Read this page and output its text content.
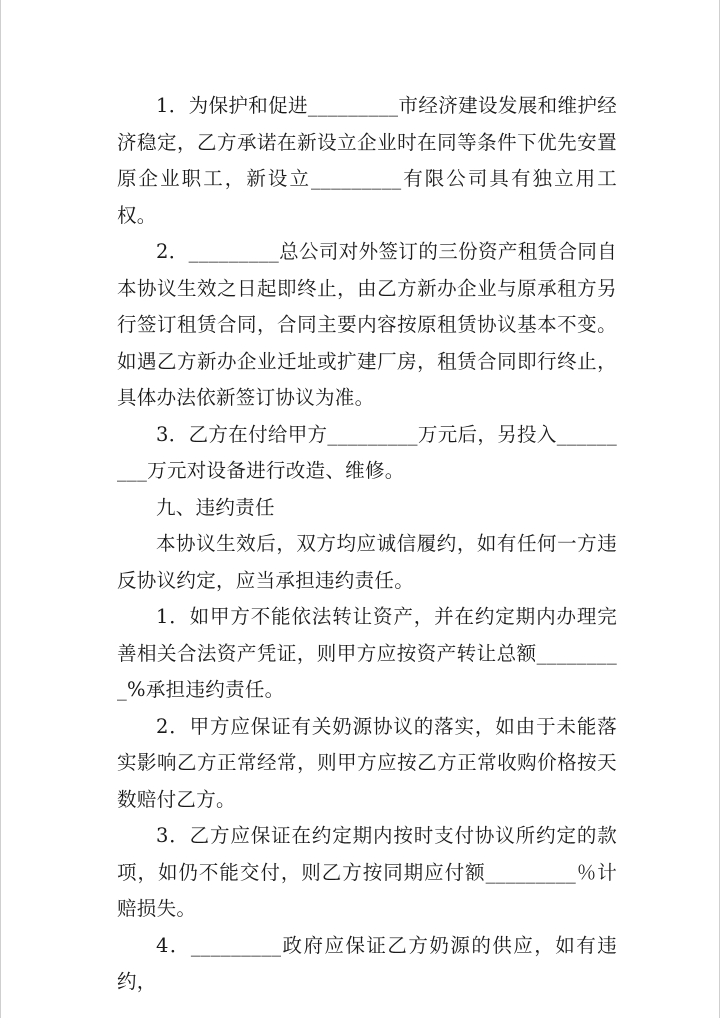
1．为保护和促进_________市经济建设发展和维护经济稳定，乙方承诺在新设立企业时在同等条件下优先安置原企业职工，新设立_________有限公司具有独立用工权。

2．_________总公司对外签订的三份资产租赁合同自本协议生效之日起即终止，由乙方新办企业与原承租方另行签订租赁合同，合同主要内容按原租赁协议基本不变。如遇乙方新办企业迁址或扩建厂房，租赁合同即行终止，具体办法依新签订协议为准。

3．乙方在付给甲方_________万元后，另投入_________万元对设备进行改造、维修。

九、违约责任

本协议生效后，双方均应诚信履约，如有任何一方违反协议约定，应当承担违约责任。

1．如甲方不能依法转让资产，并在约定期内办理完善相关合法资产凭证，则甲方应按资产转让总额_________%承担违约责任。

2．甲方应保证有关奶源协议的落实，如由于未能落实影响乙方正常经常，则甲方应按乙方正常收购价格按天数赔付乙方。

3．乙方应保证在约定期内按时支付协议所约定的款项，如仍不能交付，则乙方按同期应付额_________％计赔损失。

4．_________政府应保证乙方奶源的供应，如有违约，
